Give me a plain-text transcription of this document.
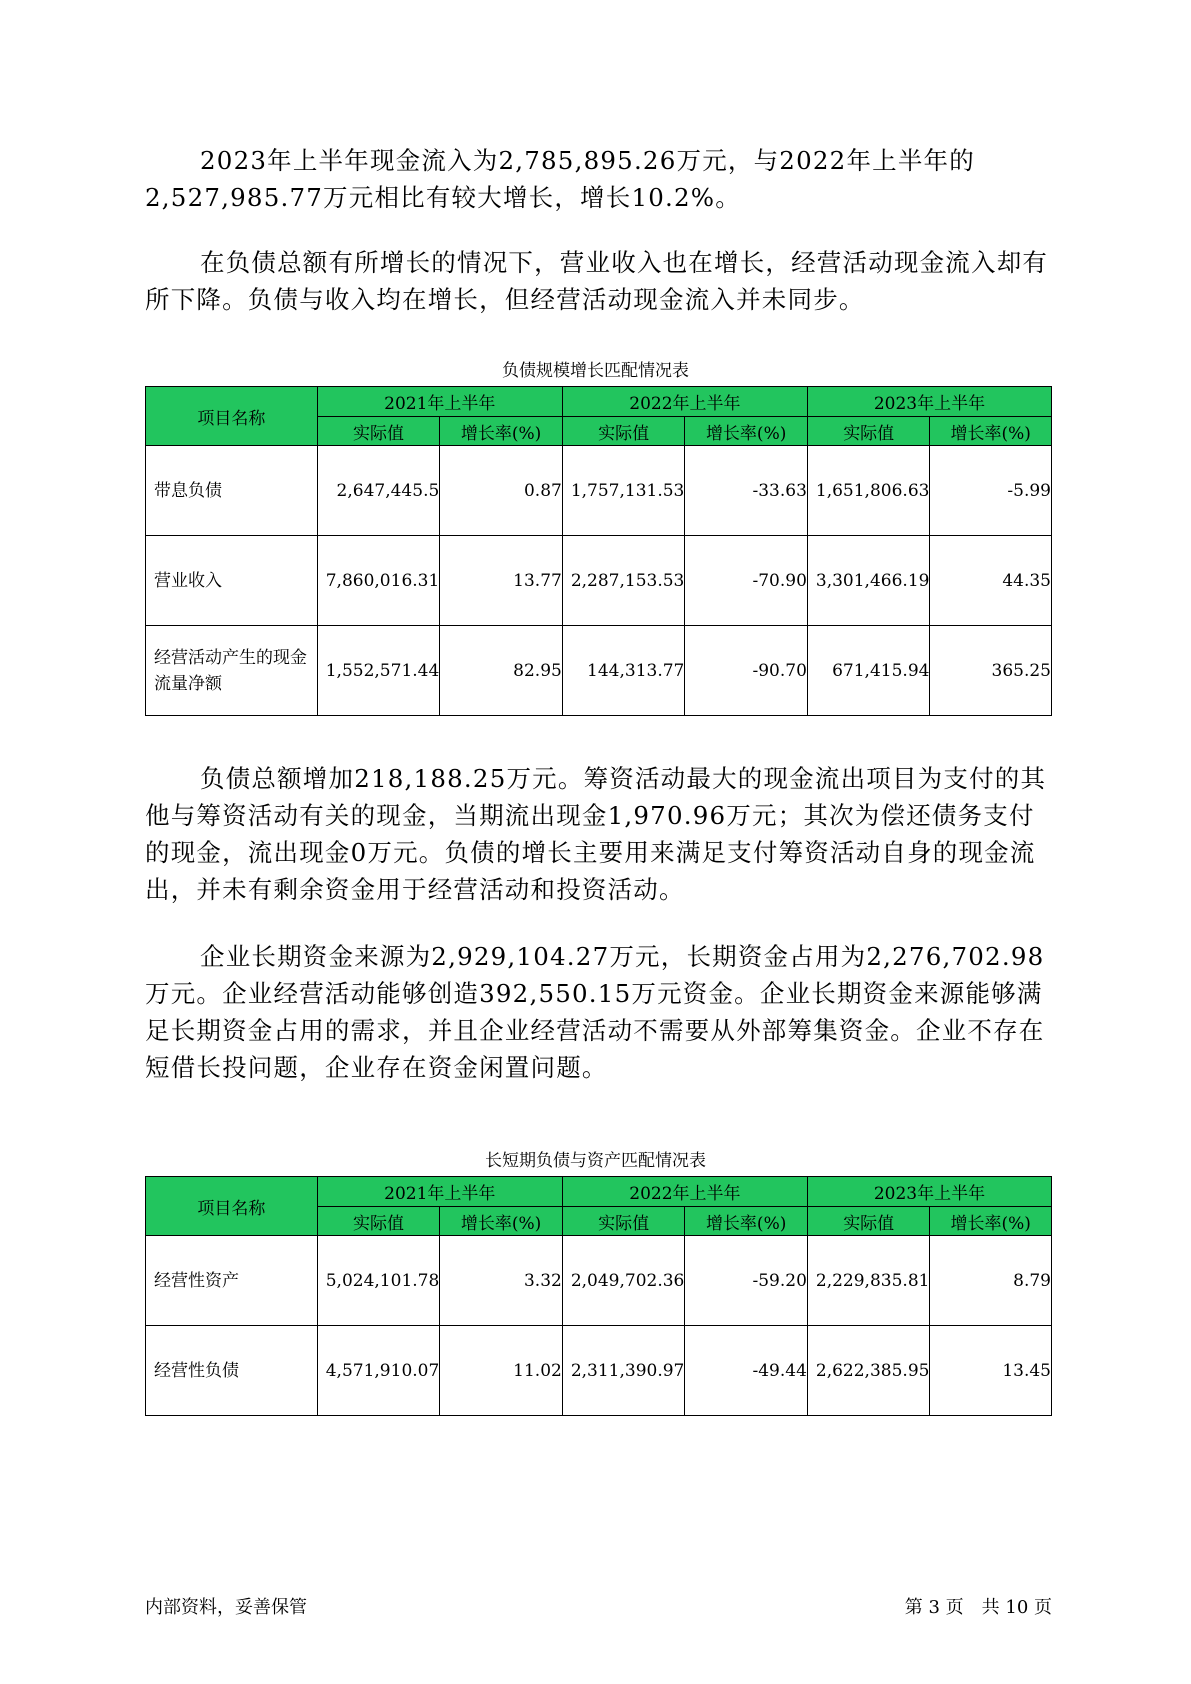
2023年上半年现金流入为2,785,895.26万元，与2022年上半年的2,527,985.77万元相比有较大增长，增长10.2%。

在负债总额有所增长的情况下，营业收入也在增长，经营活动现金流入却有所下降。负债与收入均在增长，但经营活动现金流入并未同步。

负债规模增长匹配情况表
项目名称	2021年上半年		2022年上半年		2023年上半年	
	实际值	增长率(%)	实际值	增长率(%)	实际值	增长率(%)
带息负债	2,647,445.5	0.87	1,757,131.53	-33.63	1,651,806.63	-5.99
营业收入	7,860,016.31	13.77	2,287,153.53	-70.90	3,301,466.19	44.35
经营活动产生的现金流量净额	1,552,571.44	82.95	144,313.77	-90.70	671,415.94	365.25

负债总额增加218,188.25万元。筹资活动最大的现金流出项目为支付的其他与筹资活动有关的现金，当期流出现金1,970.96万元；其次为偿还债务支付的现金，流出现金0万元。负债的增长主要用来满足支付筹资活动自身的现金流出，并未有剩余资金用于经营活动和投资活动。

企业长期资金来源为2,929,104.27万元，长期资金占用为2,276,702.98万元。企业经营活动能够创造392,550.15万元资金。企业长期资金来源能够满足长期资金占用的需求，并且企业经营活动不需要从外部筹集资金。企业不存在短借长投问题，企业存在资金闲置问题。

长短期负债与资产匹配情况表
项目名称	2021年上半年		2022年上半年		2023年上半年	
	实际值	增长率(%)	实际值	增长率(%)	实际值	增长率(%)
经营性资产	5,024,101.78	3.32	2,049,702.36	-59.20	2,229,835.81	8.79
经营性负债	4,571,910.07	11.02	2,311,390.97	-49.44	2,622,385.95	13.45
内部资料，妥善保管	第 3 页　共 10 页
